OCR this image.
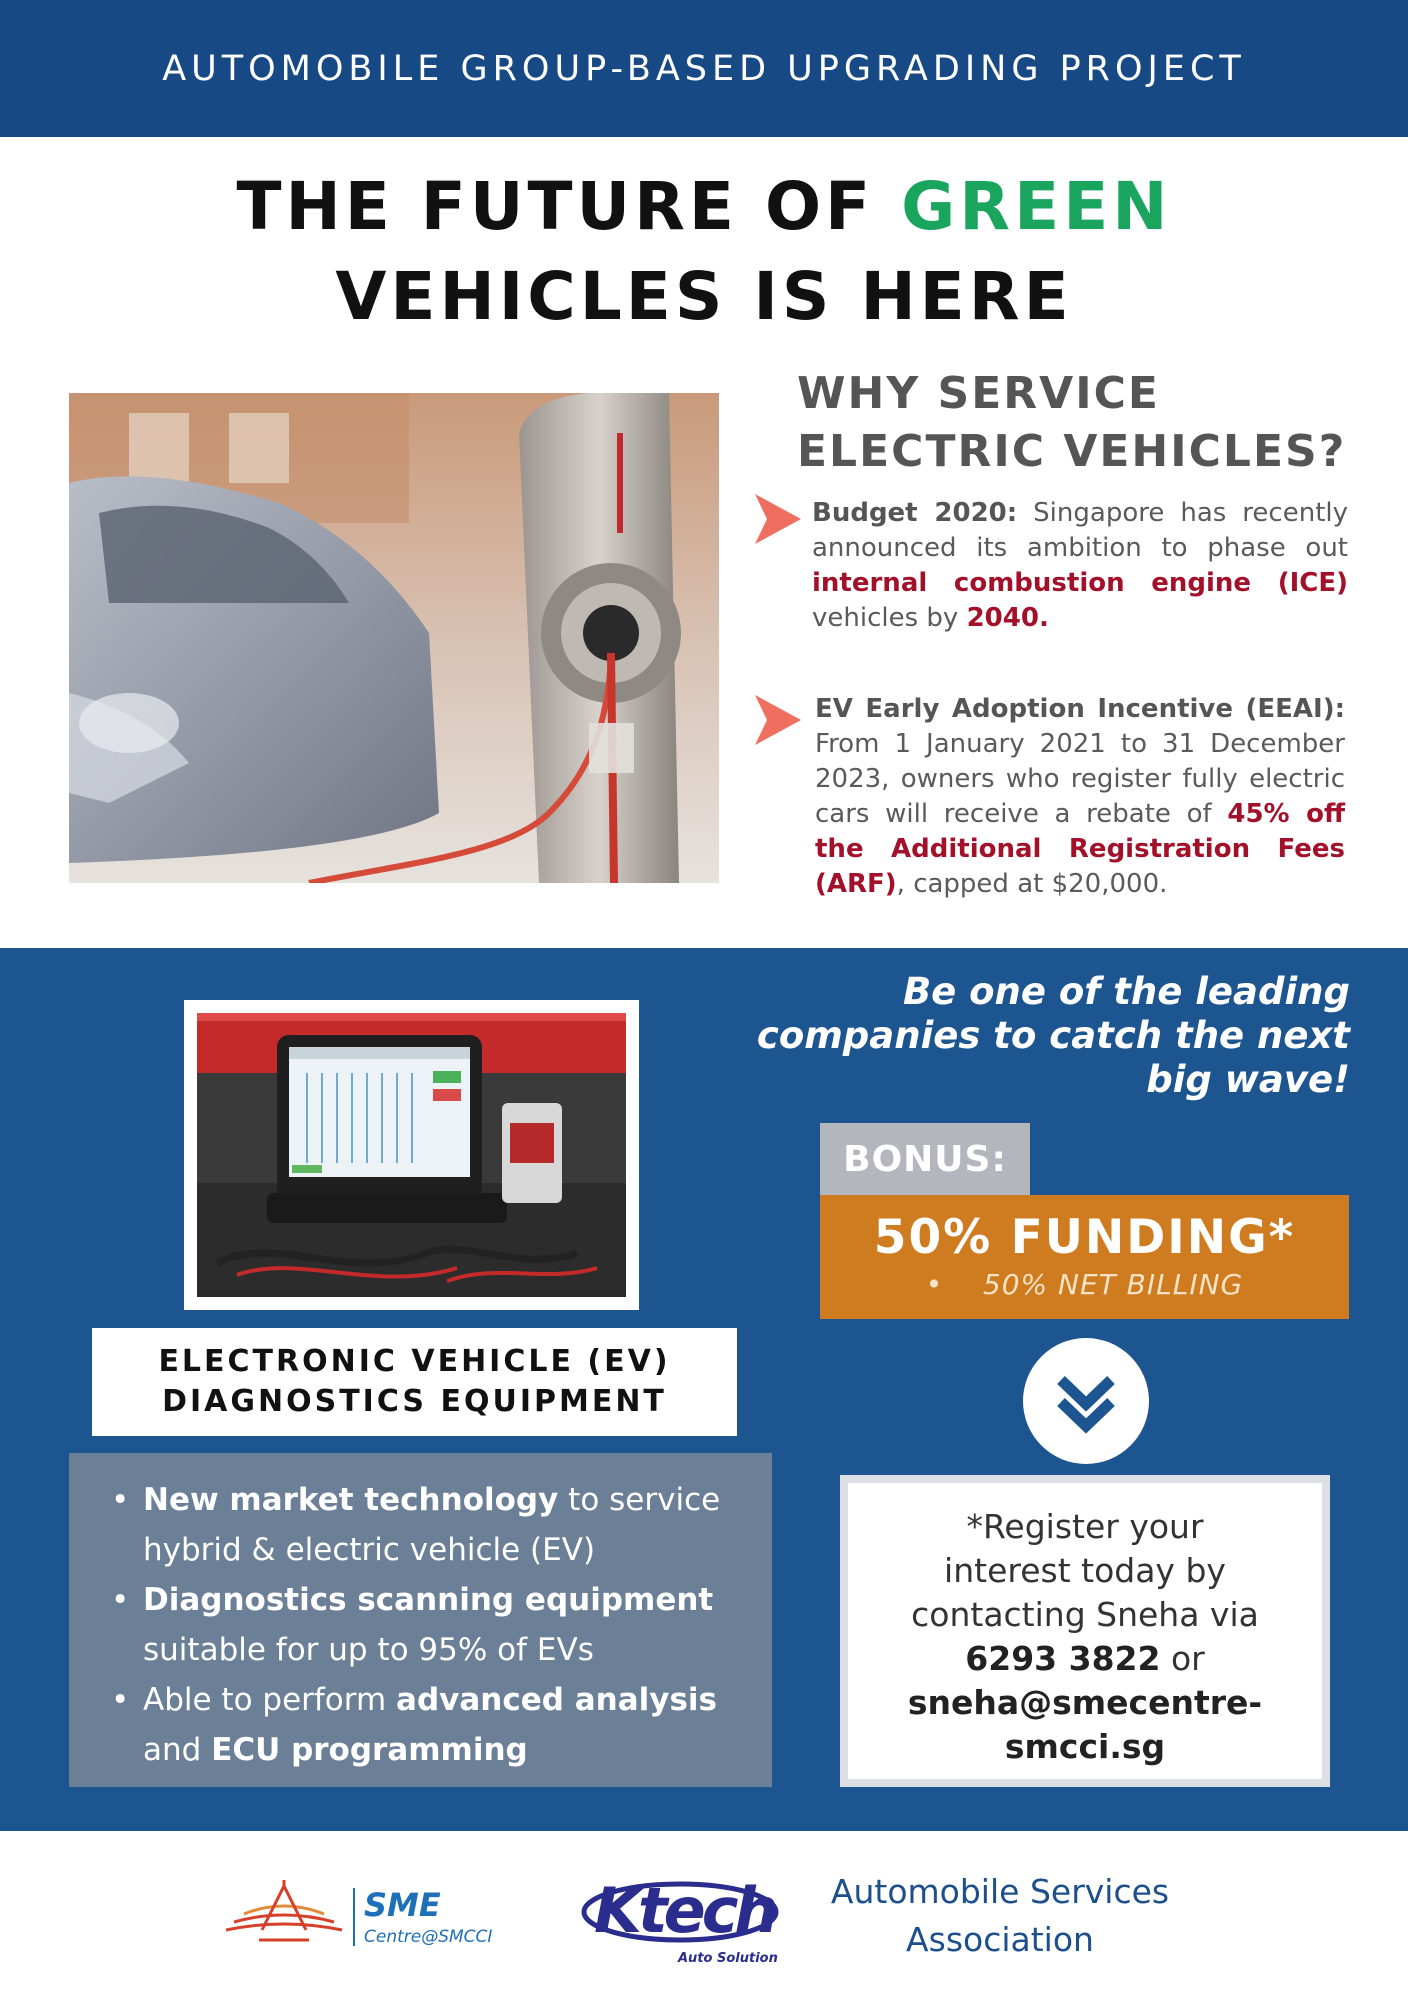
AUTOMOBILE GROUP-BASED UPGRADING PROJECT
THE FUTURE OF GREEN
VEHICLES IS HERE
WHY SERVICE
ELECTRIC VEHICLES?
Budget 2020: Singapore has recently announced its ambition to phase out internal combustion engine (ICE) vehicles by 2040.
EV Early Adoption Incentive (EEAI): From 1 January 2021 to 31 December 2023, owners who register fully electric cars will receive a rebate of 45% off the Additional Registration Fees (ARF), capped at $20,000.
ELECTRONIC VEHICLE (EV)
DIAGNOSTICS EQUIPMENT
• New market technology to service hybrid & electric vehicle (EV)
• Diagnostics scanning equipment suitable for up to 95% of EVs
• Able to perform advanced analysis and ECU programming
Be one of the leading
companies to catch the next
big wave!
BONUS:
50% FUNDING*
•    50% NET BILLING
*Register your
interest today by
contacting Sneha via
6293 3822 or
sneha@smecentre-
smcci.sg
SME
Centre@SMCCI Ktech
Auto Solution
Automobile Services
Association
